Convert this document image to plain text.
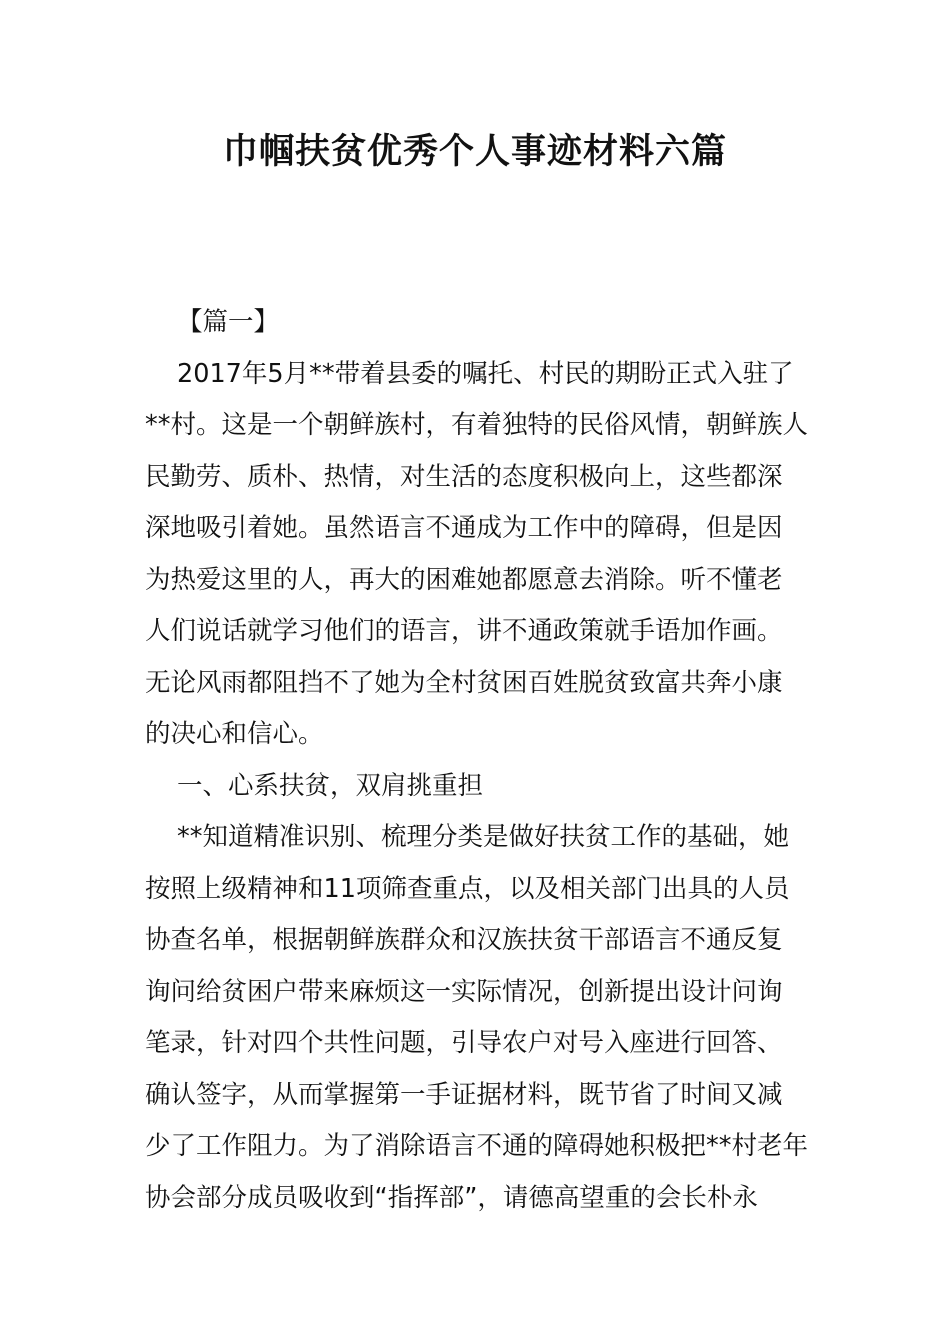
巾帼扶贫优秀个人事迹材料六篇
【篇一】
2017年5月**带着县委的嘱托、村民的期盼正式入驻了
**村。这是一个朝鲜族村，有着独特的民俗风情，朝鲜族人
民勤劳、质朴、热情，对生活的态度积极向上，这些都深
深地吸引着她。虽然语言不通成为工作中的障碍，但是因
为热爱这里的人，再大的困难她都愿意去消除。听不懂老
人们说话就学习他们的语言，讲不通政策就手语加作画。
无论风雨都阻挡不了她为全村贫困百姓脱贫致富共奔小康
的决心和信心。
一、心系扶贫，双肩挑重担
**知道精准识别、梳理分类是做好扶贫工作的基础，她
按照上级精神和11项筛查重点，以及相关部门出具的人员
协查名单，根据朝鲜族群众和汉族扶贫干部语言不通反复
询问给贫困户带来麻烦这一实际情况，创新提出设计问询
笔录，针对四个共性问题，引导农户对号入座进行回答、
确认签字，从而掌握第一手证据材料，既节省了时间又减
少了工作阻力。为了消除语言不通的障碍她积极把**村老年
协会部分成员吸收到“指挥部”，请德高望重的会长朴永
